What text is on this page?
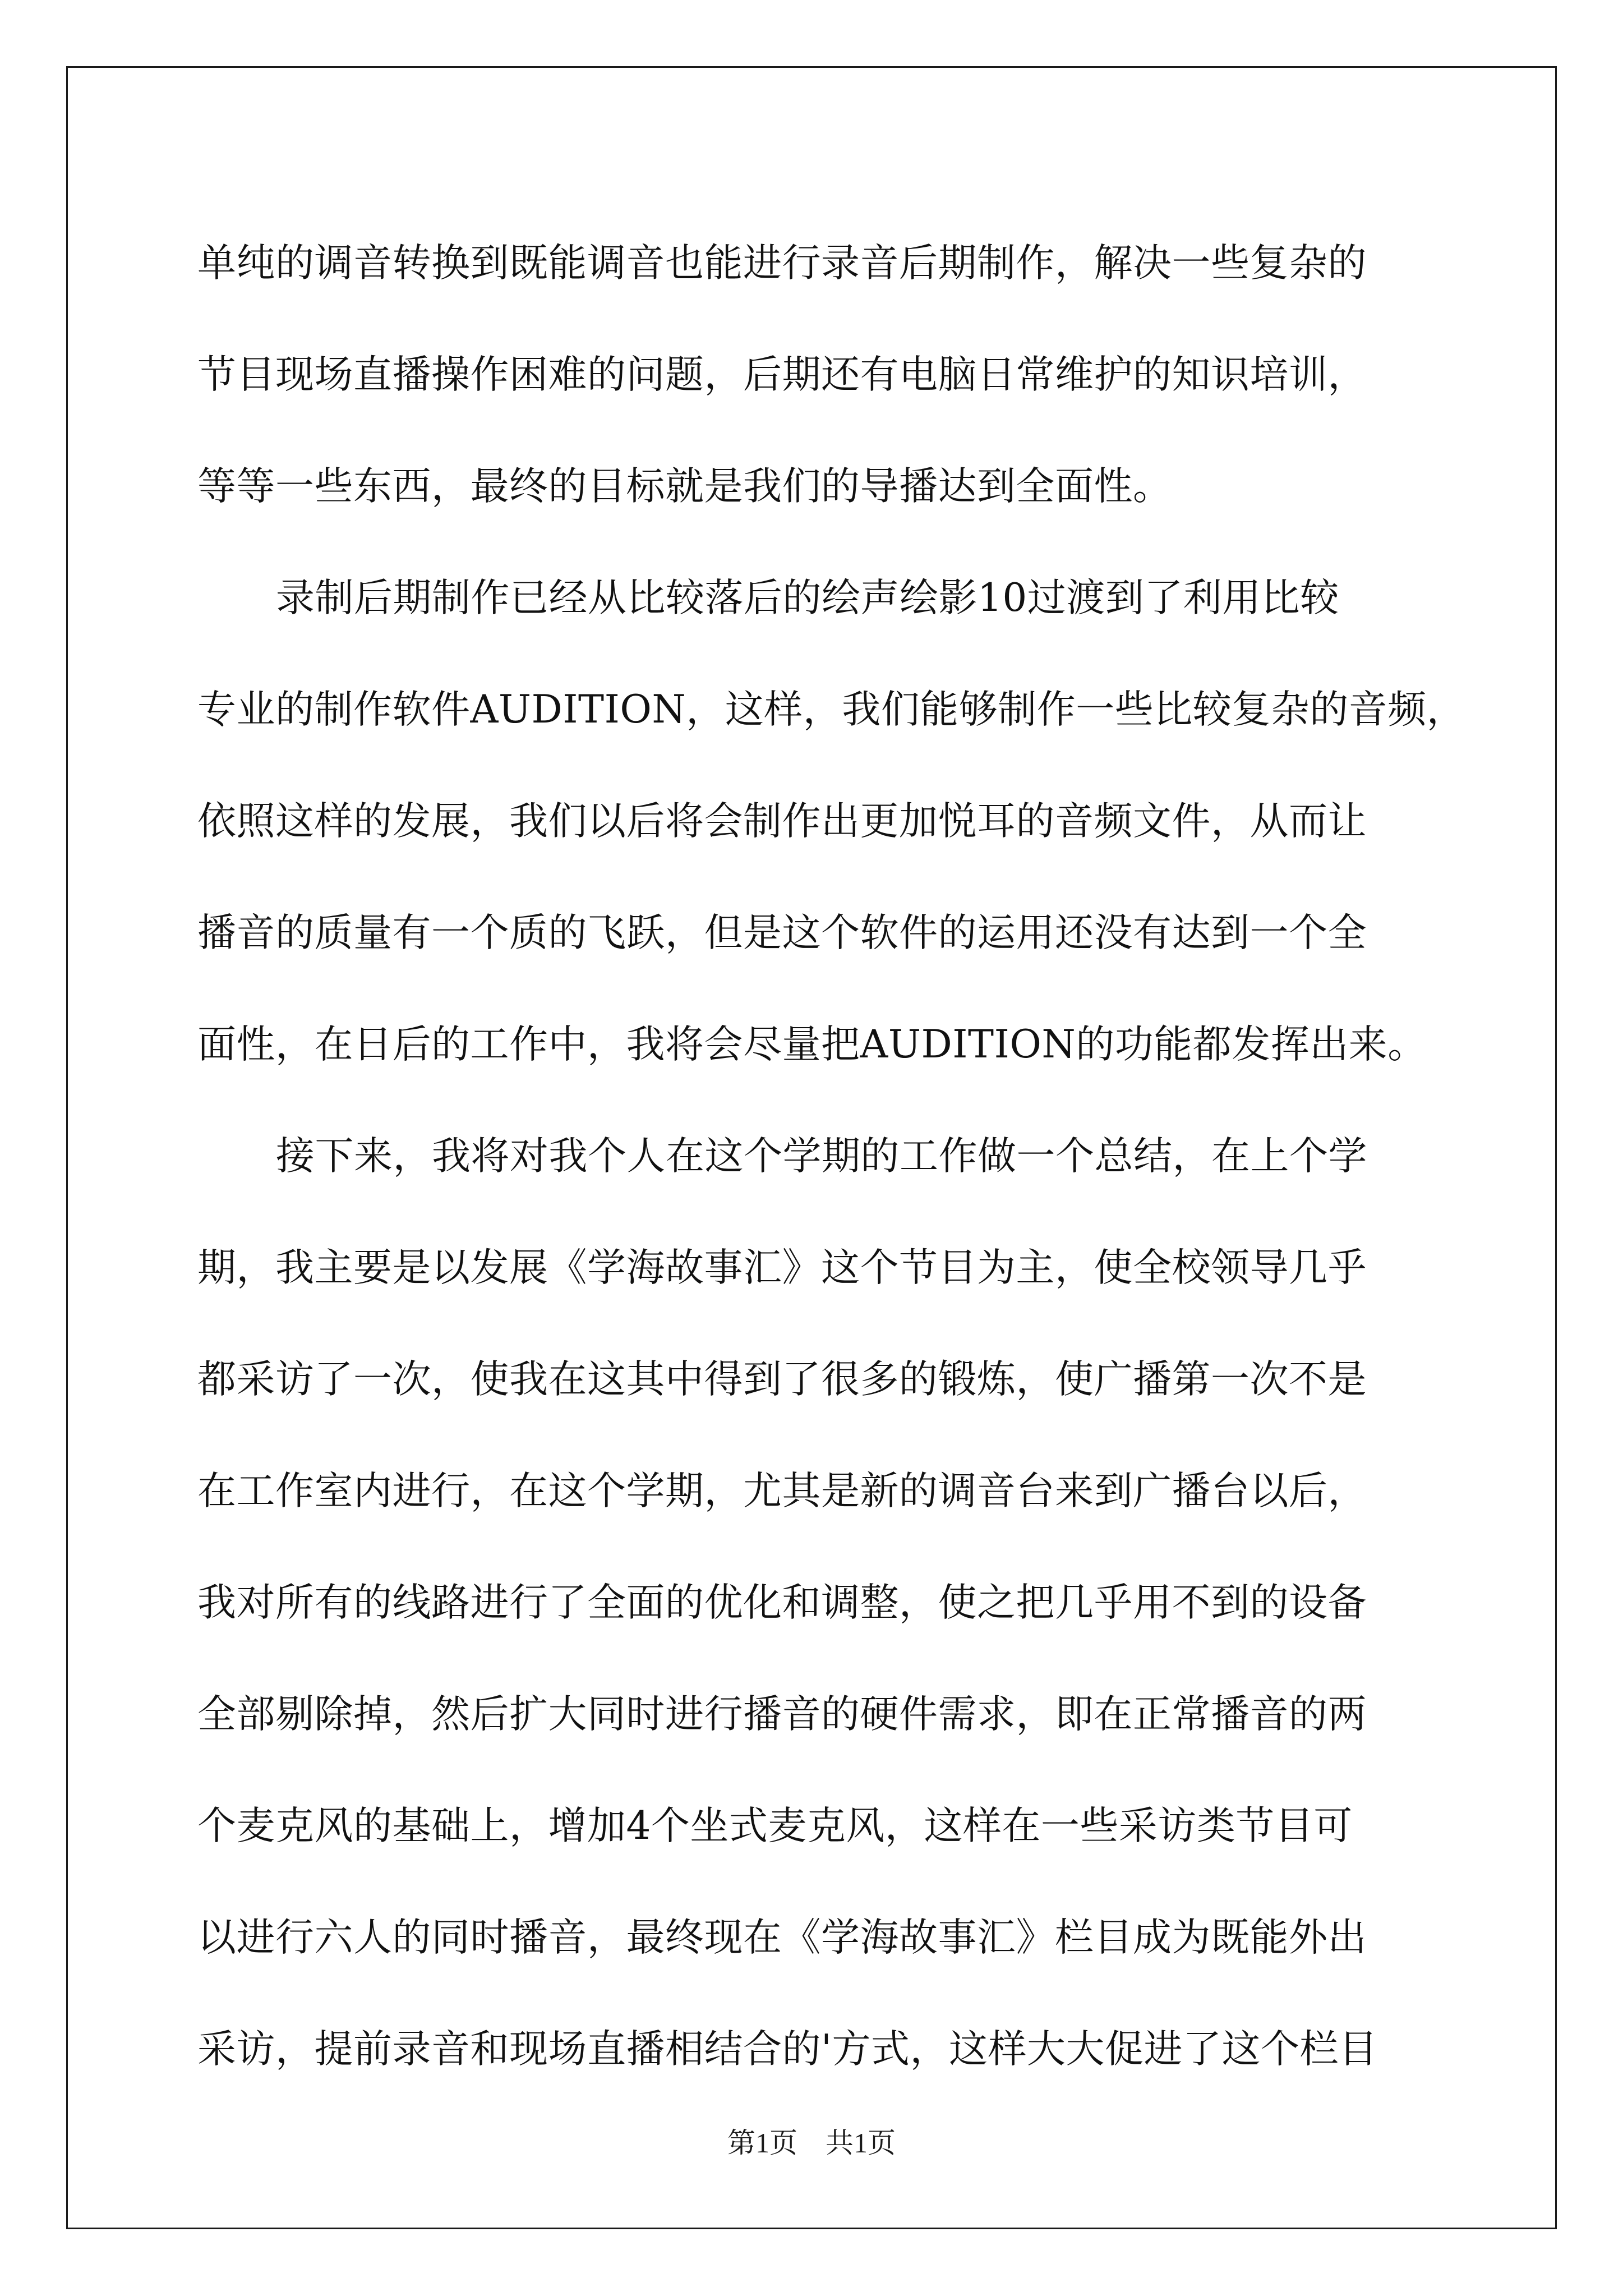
单纯的调音转换到既能调音也能进行录音后期制作，解决一些复杂的
节目现场直播操作困难的问题，后期还有电脑日常维护的知识培训，
等等一些东西，最终的目标就是我们的导播达到全面性。
录制后期制作已经从比较落后的绘声绘影10过渡到了利用比较
专业的制作软件AUDITION，这样，我们能够制作一些比较复杂的音频，
依照这样的发展，我们以后将会制作出更加悦耳的音频文件，从而让
播音的质量有一个质的飞跃，但是这个软件的运用还没有达到一个全
面性，在日后的工作中，我将会尽量把AUDITION的功能都发挥出来。
接下来，我将对我个人在这个学期的工作做一个总结，在上个学
期，我主要是以发展《学海故事汇》这个节目为主，使全校领导几乎
都采访了一次，使我在这其中得到了很多的锻炼，使广播第一次不是
在工作室内进行，在这个学期，尤其是新的调音台来到广播台以后，
我对所有的线路进行了全面的优化和调整，使之把几乎用不到的设备
全部剔除掉，然后扩大同时进行播音的硬件需求，即在正常播音的两
个麦克风的基础上，增加4个坐式麦克风，这样在一些采访类节目可
以进行六人的同时播音，最终现在《学海故事汇》栏目成为既能外出
采访，提前录音和现场直播相结合的'方式，这样大大促进了这个栏目
第1页 共1页
